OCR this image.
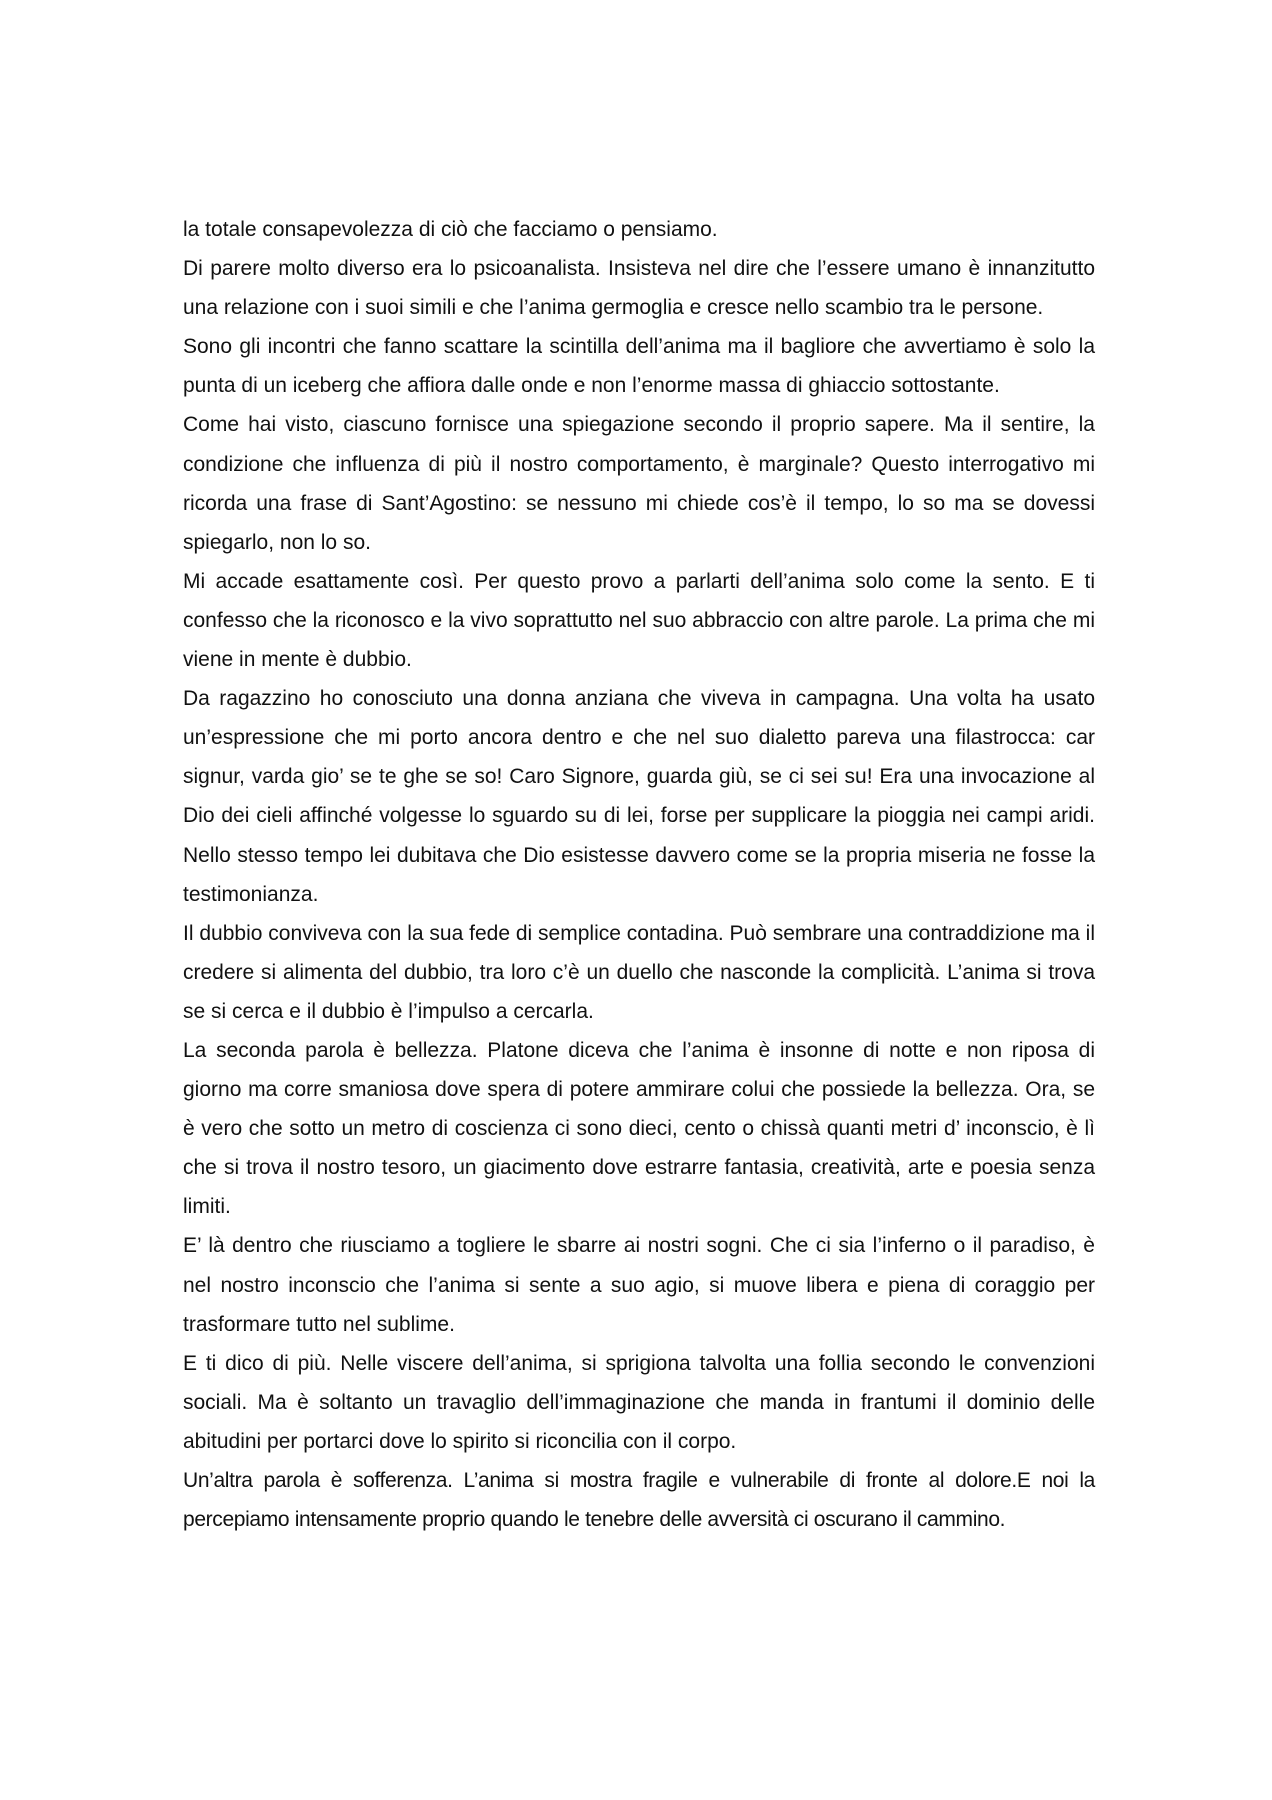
la totale consapevolezza di ciò che facciamo o pensiamo.

Di parere molto diverso era lo psicoanalista. Insisteva nel dire che l’essere umano è innanzitutto una relazione con i suoi simili e che l’anima germoglia e cresce nello scambio tra le persone.

Sono gli incontri che fanno scattare la scintilla dell’anima ma il bagliore che avvertiamo è solo la punta di un iceberg che affiora dalle onde e non l’enorme massa di ghiaccio sottostante.

Come hai visto, ciascuno fornisce una spiegazione secondo il proprio sapere. Ma il sentire, la condizione che influenza di più il nostro comportamento, è marginale? Questo interrogativo mi ricorda una frase di Sant’Agostino: se nessuno mi chiede cos’è il tempo, lo so ma se dovessi spiegarlo, non lo so.

Mi accade esattamente così. Per questo provo a parlarti dell’anima solo come la sento. E ti confesso che la riconosco e la vivo soprattutto nel suo abbraccio con altre parole. La prima che mi viene in mente è dubbio.

Da ragazzino ho conosciuto una donna anziana che viveva in campagna. Una volta ha usato un’espressione che mi porto ancora dentro e che nel suo dialetto pareva una filastrocca: car signur, varda gio’ se te ghe se so! Caro Signore, guarda giù, se ci sei su! Era una invocazione al Dio dei cieli affinché volgesse lo sguardo su di lei, forse per supplicare la pioggia nei campi aridi. Nello stesso tempo lei dubitava che Dio esistesse davvero come se la propria miseria ne fosse la testimonianza.

Il dubbio conviveva con la sua fede di semplice contadina. Può sembrare una contraddizione ma il credere si alimenta del dubbio, tra loro c’è un duello che nasconde la complicità. L’anima si trova se si cerca e il dubbio è l’impulso a cercarla.

La seconda parola è bellezza. Platone diceva che l’anima è insonne di notte e non riposa di giorno ma corre smaniosa dove spera di potere ammirare colui che possiede la bellezza. Ora, se è vero che sotto un metro di coscienza ci sono dieci, cento o chissà quanti metri d’ inconscio, è lì che si trova il nostro tesoro, un giacimento dove estrarre fantasia, creatività, arte e poesia senza limiti.

E’ là dentro che riusciamo a togliere le sbarre ai nostri sogni. Che ci sia l’inferno o il paradiso, è nel nostro inconscio che l’anima si sente a suo agio, si muove libera e piena di coraggio per trasformare tutto nel sublime.

E ti dico di più. Nelle viscere dell’anima, si sprigiona talvolta una follia secondo le convenzioni sociali. Ma è soltanto un travaglio dell’immaginazione che manda in frantumi il dominio delle abitudini per portarci dove lo spirito si riconcilia con il corpo.

Un’altra parola è sofferenza. L’anima si mostra fragile e vulnerabile di fronte al dolore.E noi la percepiamo intensamente proprio quando le tenebre delle avversità ci oscurano il cammino.
